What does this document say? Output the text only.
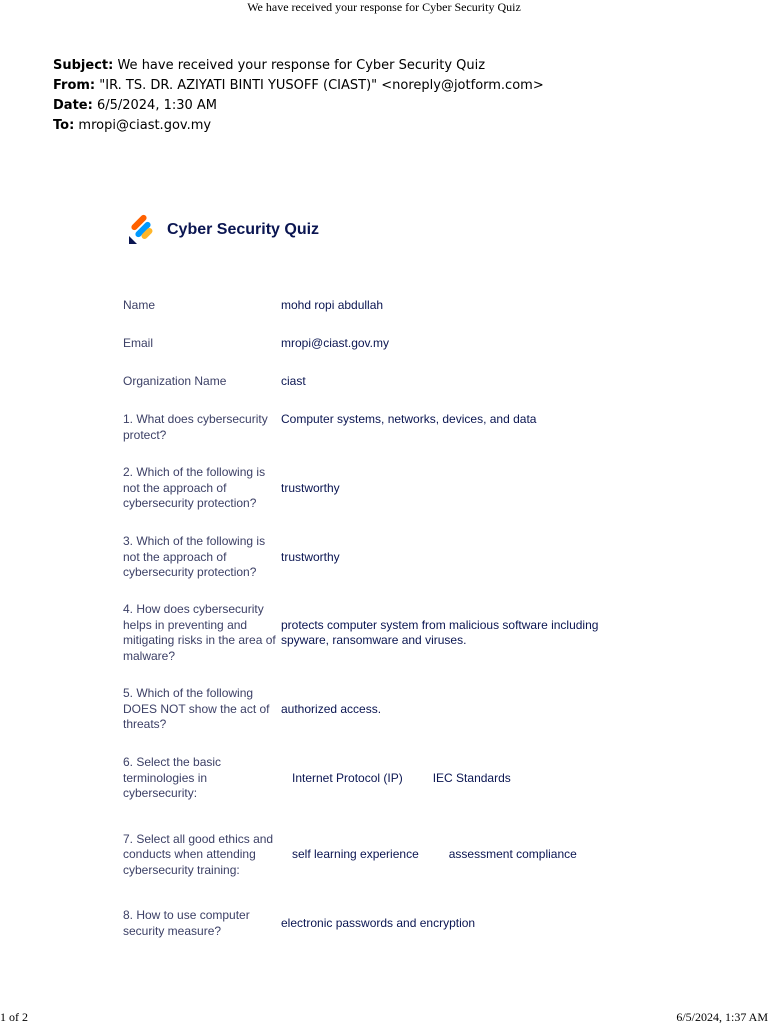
We have received your response for Cyber Security Quiz
Subject: We have received your response for Cyber Security Quiz
From: "IR. TS. DR. AZIYATI BINTI YUSOFF (CIAST)" <noreply@jotform.com>
Date: 6/5/2024, 1:30 AM
To: mropi@ciast.gov.my
Cyber Security Quiz
Name	mohd ropi abdullah
Email	mropi@ciast.gov.my
Organization Name	ciast
1. What does cybersecurity protect?
Computer systems, networks, devices, and data
2. Which of the following is not the approach of cybersecurity protection?
trustworthy
3. Which of the following is not the approach of cybersecurity protection?
trustworthy
4. How does cybersecurity helps in preventing and mitigating risks in the area of malware?
protects computer system from malicious software including spyware, ransomware and viruses.
5. Which of the following DOES NOT show the act of threats?
authorized access.
6. Select the basic terminologies in cybersecurity:
Internet Protocol (IP)	IEC Standards
7. Select all good ethics and conducts when attending cybersecurity training:
self learning experience	assessment compliance
8. How to use computer security measure?
electronic passwords and encryption
1 of 2	6/5/2024, 1:37 AM
